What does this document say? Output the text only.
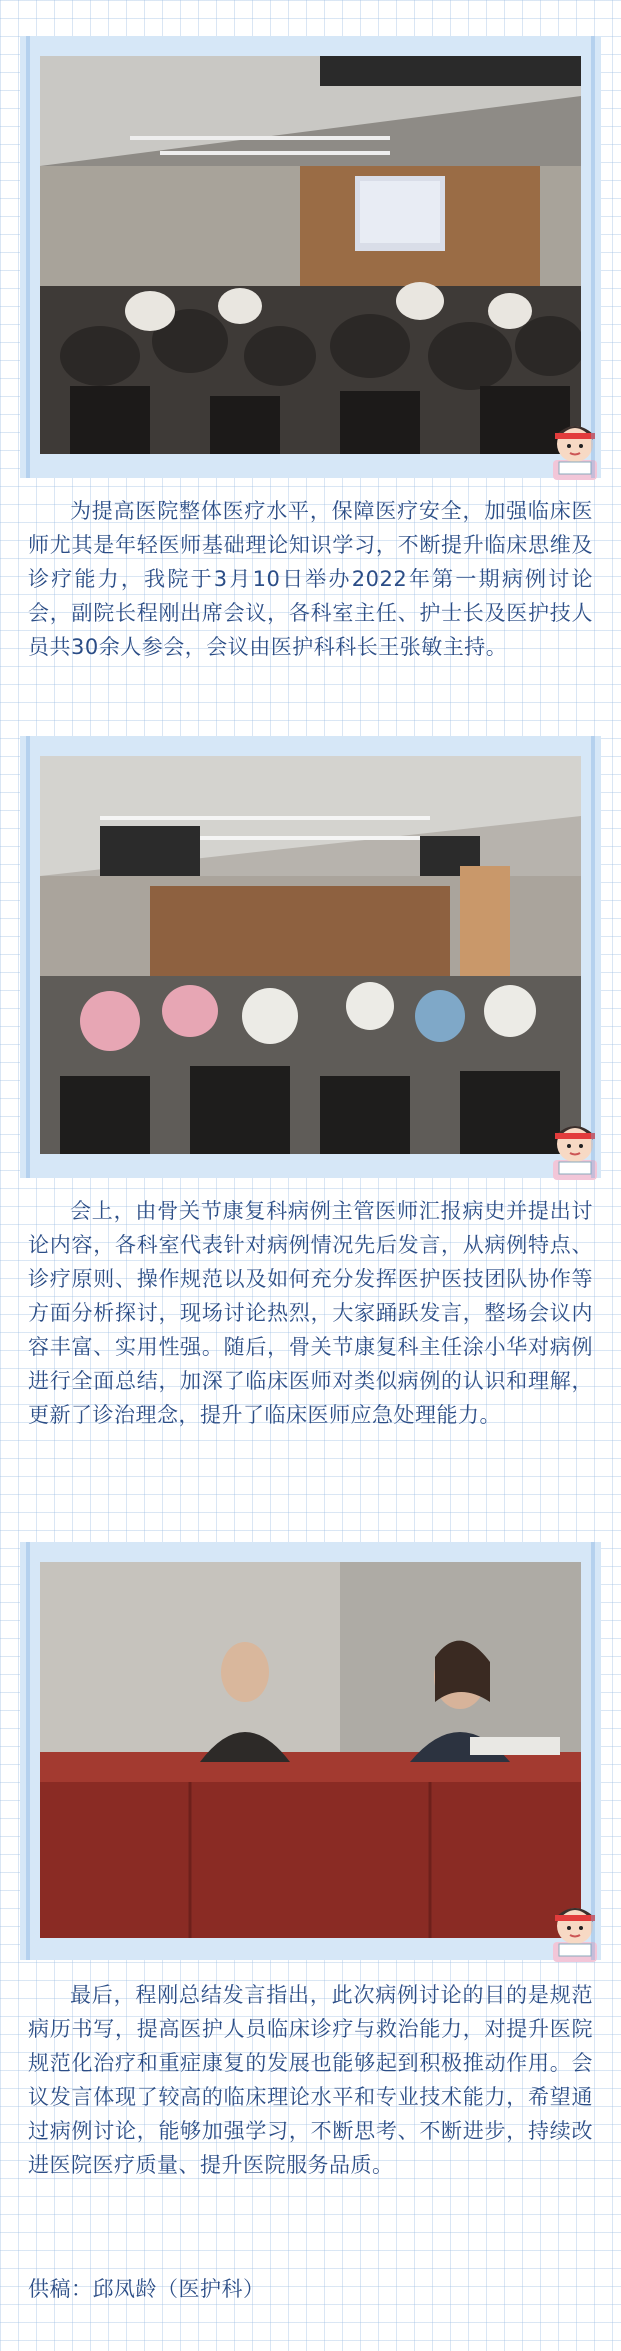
为提高医院整体医疗水平，保障医疗安全，加强临床医师尤其是年轻医师基础理论知识学习，不断提升临床思维及诊疗能力，我院于3月10日举办2022年第一期病例讨论会，副院长程刚出席会议，各科室主任、护士长及医护技人员共30余人参会，会议由医护科科长王张敏主持。

会上，由骨关节康复科病例主管医师汇报病史并提出讨论内容，各科室代表针对病例情况先后发言，从病例特点、诊疗原则、操作规范以及如何充分发挥医护医技团队协作等方面分析探讨，现场讨论热烈，大家踊跃发言，整场会议内容丰富、实用性强。随后，骨关节康复科主任涂小华对病例进行全面总结，加深了临床医师对类似病例的认识和理解，更新了诊治理念，提升了临床医师应急处理能力。

最后，程刚总结发言指出，此次病例讨论的目的是规范病历书写，提高医护人员临床诊疗与救治能力，对提升医院规范化治疗和重症康复的发展也能够起到积极推动作用。会议发言体现了较高的临床理论水平和专业技术能力，希望通过病例讨论，能够加强学习，不断思考、不断进步，持续改进医院医疗质量、提升医院服务品质。

供稿：邱凤龄（医护科）
